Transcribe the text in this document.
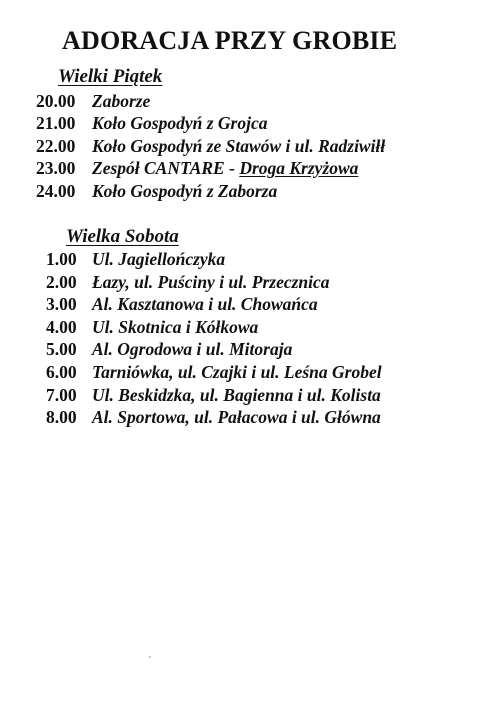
ADORACJA PRZY GROBIE
Wielki Piątek
20.00 Zaborze
21.00 Koło Gospodyń z Grojca
22.00 Koło Gospodyń ze Stawów i ul. Radziwiłł
23.00 Zespół CANTARE - Droga Krzyżowa
24.00 Koło Gospodyń z Zaborza
Wielka Sobota
1.00 Ul. Jagiellończyka
2.00 Łazy, ul. Puściny i ul. Przecznica
3.00 Al. Kasztanowa i ul. Chowańca
4.00 Ul. Skotnica i Kółkowa
5.00 Al. Ogrodowa i ul. Mitoraja
6.00 Tarniówka, ul. Czajki i ul. Leśna Grobel
7.00 Ul. Beskidzka, ul. Bagienna i ul. Kolista
8.00 Al. Sportowa, ul. Pałacowa i ul. Główna
